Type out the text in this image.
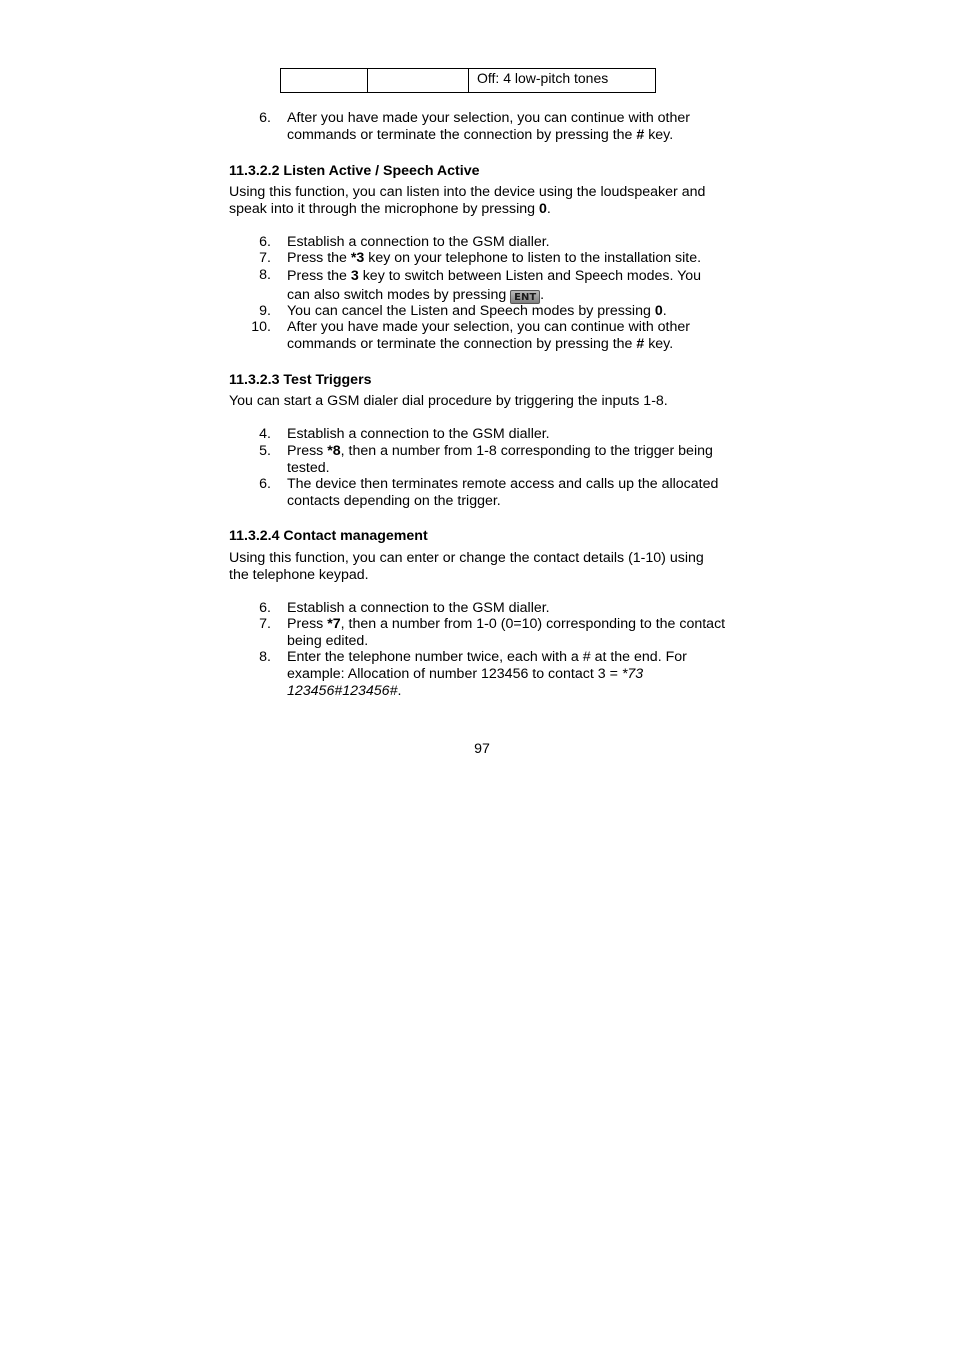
		Off: 4 low-pitch tones
6. After you have made your selection, you can continue with other
commands or terminate the connection by pressing the # key.
11.3.2.2 Listen Active / Speech Active
Using this function, you can listen into the device using the loudspeaker and
speak into it through the microphone by pressing 0.
6. Establish a connection to the GSM dialler.
7. Press the *3 key on your telephone to listen to the installation site.
8. Press the 3 key to switch between Listen and Speech modes. You
can also switch modes by pressing ENT .
9. You can cancel the Listen and Speech modes by pressing 0.
10. After you have made your selection, you can continue with other
commands or terminate the connection by pressing the # key.
11.3.2.3 Test Triggers
You can start a GSM dialer dial procedure by triggering the inputs 1-8.
4. Establish a connection to the GSM dialler.
5. Press *8, then a number from 1-8 corresponding to the trigger being
tested.
6. The device then terminates remote access and calls up the allocated
contacts depending on the trigger.
11.3.2.4 Contact management
Using this function, you can enter or change the contact details (1-10) using
the telephone keypad.
6. Establish a connection to the GSM dialler.
7. Press *7, then a number from 1-0 (0=10) corresponding to the contact
being edited.
8. Enter the telephone number twice, each with a # at the end. For
example: Allocation of number 123456 to contact 3 = *73
123456#123456#.
97
